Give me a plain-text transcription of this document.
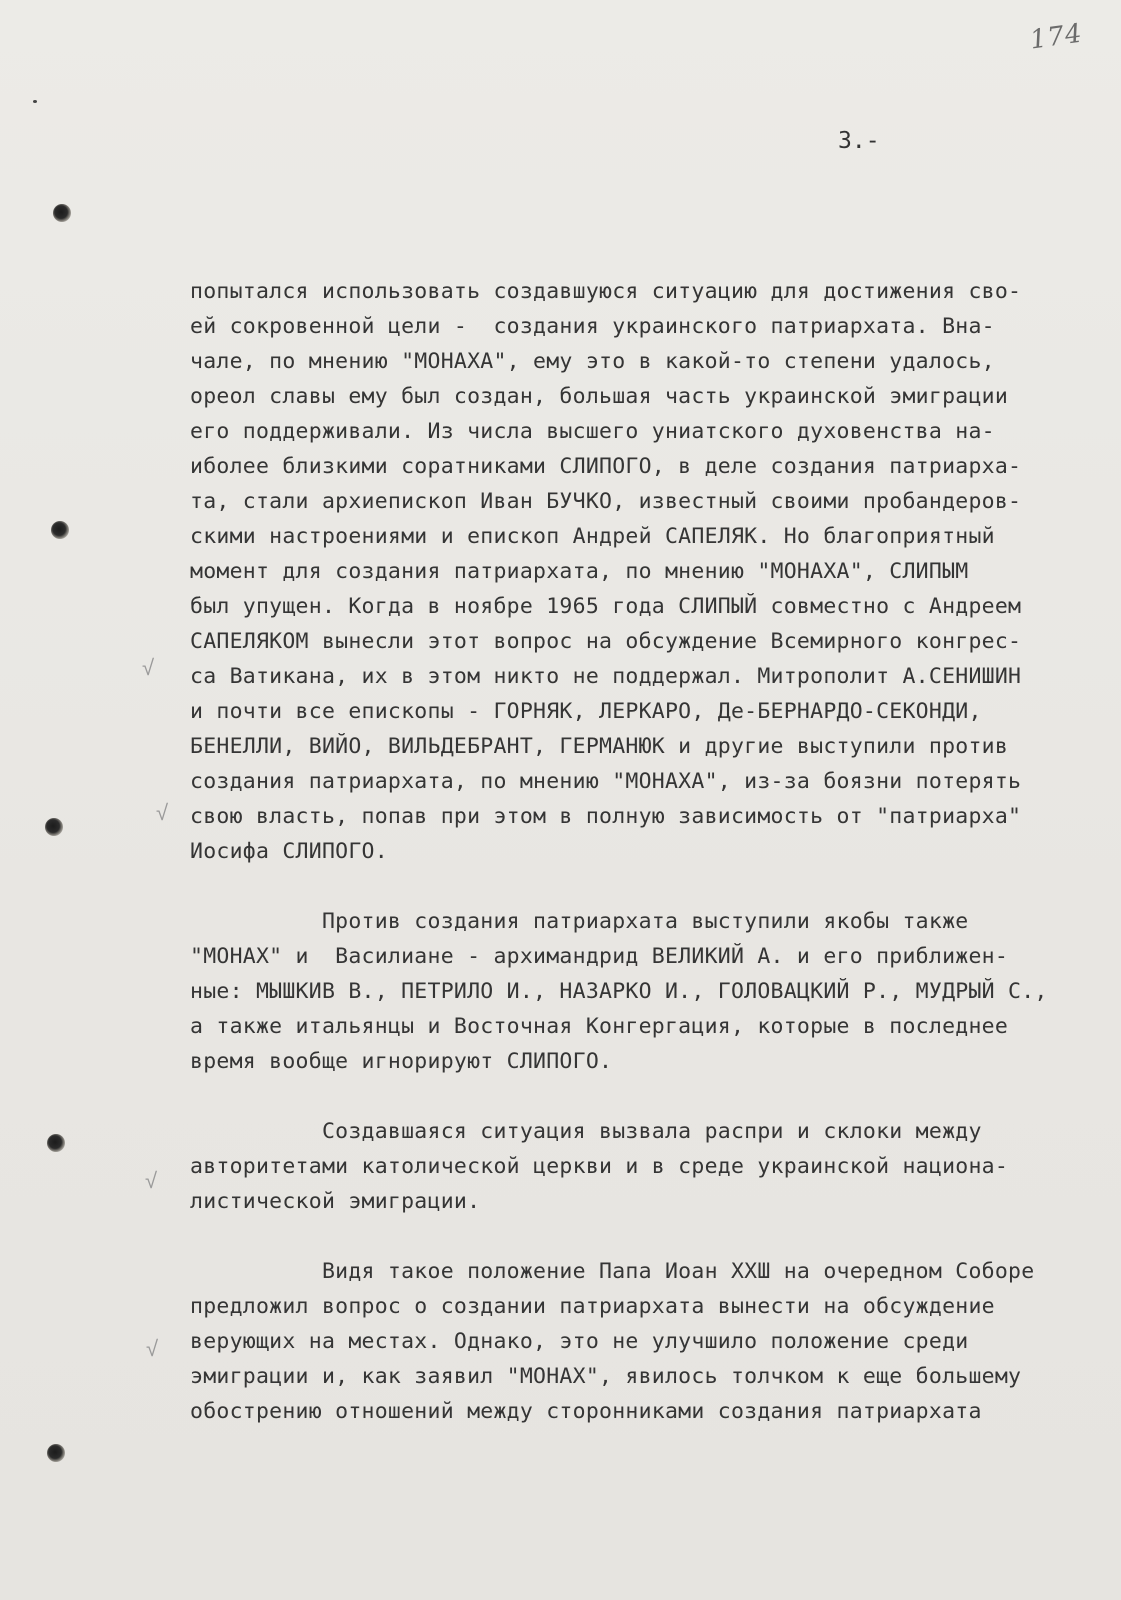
174
3.-
√
√
√
√
попытался использовать создавшуюся ситуацию для достижения сво-
ей сокровенной цели -  создания украинского патриархата. Вна-
чале, по мнению "МОНАХА", ему это в какой-то степени удалось,
ореол славы ему был создан, большая часть украинской эмиграции
его поддерживали. Из числа высшего униатского духовенства на-
иболее близкими соратниками СЛИПОГО, в деле создания патриарха-
та, стали архиепископ Иван БУЧКО, известный своими пробандеров-
скими настроениями и епископ Андрей САПЕЛЯК. Но благоприятный
момент для создания патриархата, по мнению "МОНАХА", СЛИПЫМ
был упущен. Когда в ноябре 1965 года СЛИПЫЙ совместно с Андреем
САПЕЛЯКОМ вынесли этот вопрос на обсуждение Всемирного конгрес-
са Ватикана, их в этом никто не поддержал. Митрополит А.СЕНИШИН
и почти все епископы - ГОРНЯК, ЛЕРКАРО, Де-БЕРНАРДО-СЕКОНДИ,
БЕНЕЛЛИ, ВИЙО, ВИЛЬДЕБРАНТ, ГЕРМАНЮК и другие выступили против
создания патриархата, по мнению "МОНАХА", из-за боязни потерять
свою власть, попав при этом в полную зависимость от "патриарха"
Иосифа СЛИПОГО.
Против создания патриархата выступили якобы также
"МОНАХ" и  Василиане - архимандрид ВЕЛИКИЙ А. и его приближен-
ные: МЫШКИВ В., ПЕТРИЛО И., НАЗАРКО И., ГОЛОВАЦКИЙ Р., МУДРЫЙ С.,
а также итальянцы и Восточная Конгергация, которые в последнее
время вообще игнорируют СЛИПОГО.
Создавшаяся ситуация вызвала распри и склоки между
авторитетами католической церкви и в среде украинской национа-
листической эмиграции.
Видя такое положение Папа Иоан XXШ на очередном Соборе
предложил вопрос о создании патриархата вынести на обсуждение
верующих на местах. Однако, это не улучшило положение среди
эмиграции и, как заявил "МОНАХ", явилось толчком к еще большему
обострению отношений между сторонниками создания патриархата
